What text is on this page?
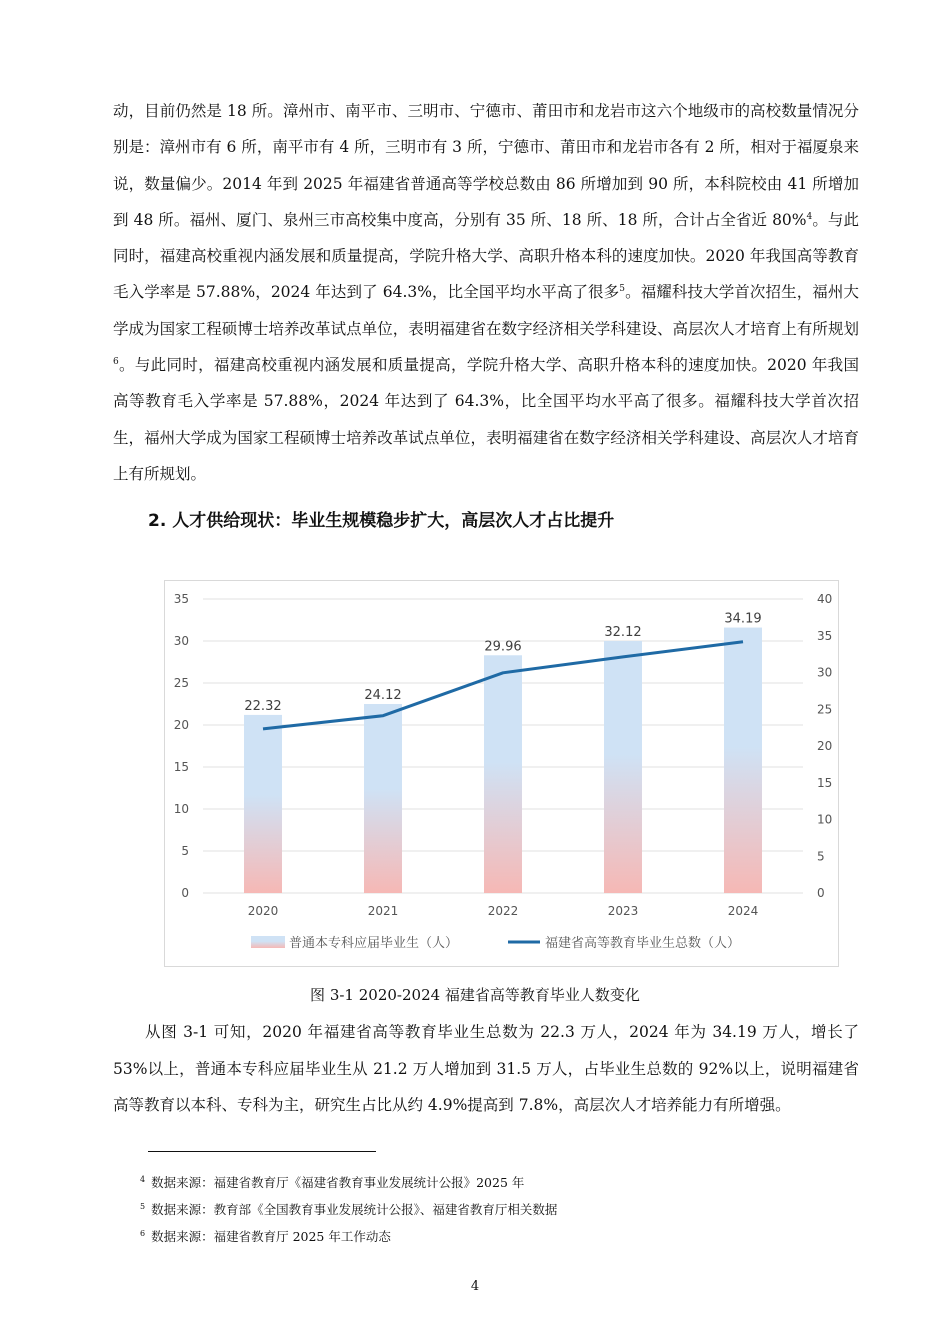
动，目前仍然是 18 所。漳州市、南平市、三明市、宁德市、莆田市和龙岩市这六个地级市的高校数量情况分别是：漳州市有 6 所，南平市有 4 所，三明市有 3 所，宁德市、莆田市和龙岩市各有 2 所，相对于福厦泉来说，数量偏少。2014 年到 2025 年福建省普通高等学校总数由 86 所增加到 90 所，本科院校由 41 所增加到 48 所。福州、厦门、泉州三市高校集中度高，分别有 35 所、18 所、18 所，合计占全省近 80%$^4$。与此同时，福建高校重视内涵发展和质量提高，学院升格大学、高职升格本科的速度加快。2020 年我国高等教育毛入学率是 57.88%，2024 年达到了 64.3%，比全国平均水平高了很多$^5$。福耀科技大学首次招生，福州大学成为国家工程硕博士培养改革试点单位，表明福建省在数字经济相关学科建设、高层次人才培育上有所规划$^6$。与此同时，福建高校重视内涵发展和质量提高，学院升格大学、高职升格本科的速度加快。2020 年我国高等教育毛入学率是 57.88%，2024 年达到了 64.3%，比全国平均水平高了很多。福耀科技大学首次招生，福州大学成为国家工程硕博士培养改革试点单位，表明福建省在数字经济相关学科建设、高层次人才培育上有所规划。

2. 人才供给现状：毕业生规模稳步扩大，高层次人才占比提升
22.32
24.12
29.96
32.12
34.19
0
5
10
15
20
25
30
35
0
5
10
15
20
25
30
35
40
2020	2021	2022	2023	2024
普通本专科应届毕业生（人）	福建省高等教育毕业生总数（人）
图 3-1 2020-2024 福建省高等教育毕业人数变化

从图 3-1 可知，2020 年福建省高等教育毕业生总数为 22.3 万人，2024 年为 34.19 万人，增长了 53%以上，普通本专科应届毕业生从 21.2 万人增加到 31.5 万人，占毕业生总数的 92%以上，说明福建省高等教育以本科、专科为主，研究生占比从约 4.9%提高到 7.8%，高层次人才培养能力有所增强。

$^4$ 数据来源：福建省教育厅《福建省教育事业发展统计公报》2025 年
$^5$ 数据来源：教育部《全国教育事业发展统计公报》、福建省教育厅相关数据
$^6$ 数据来源：福建省教育厅 2025 年工作动态
4
